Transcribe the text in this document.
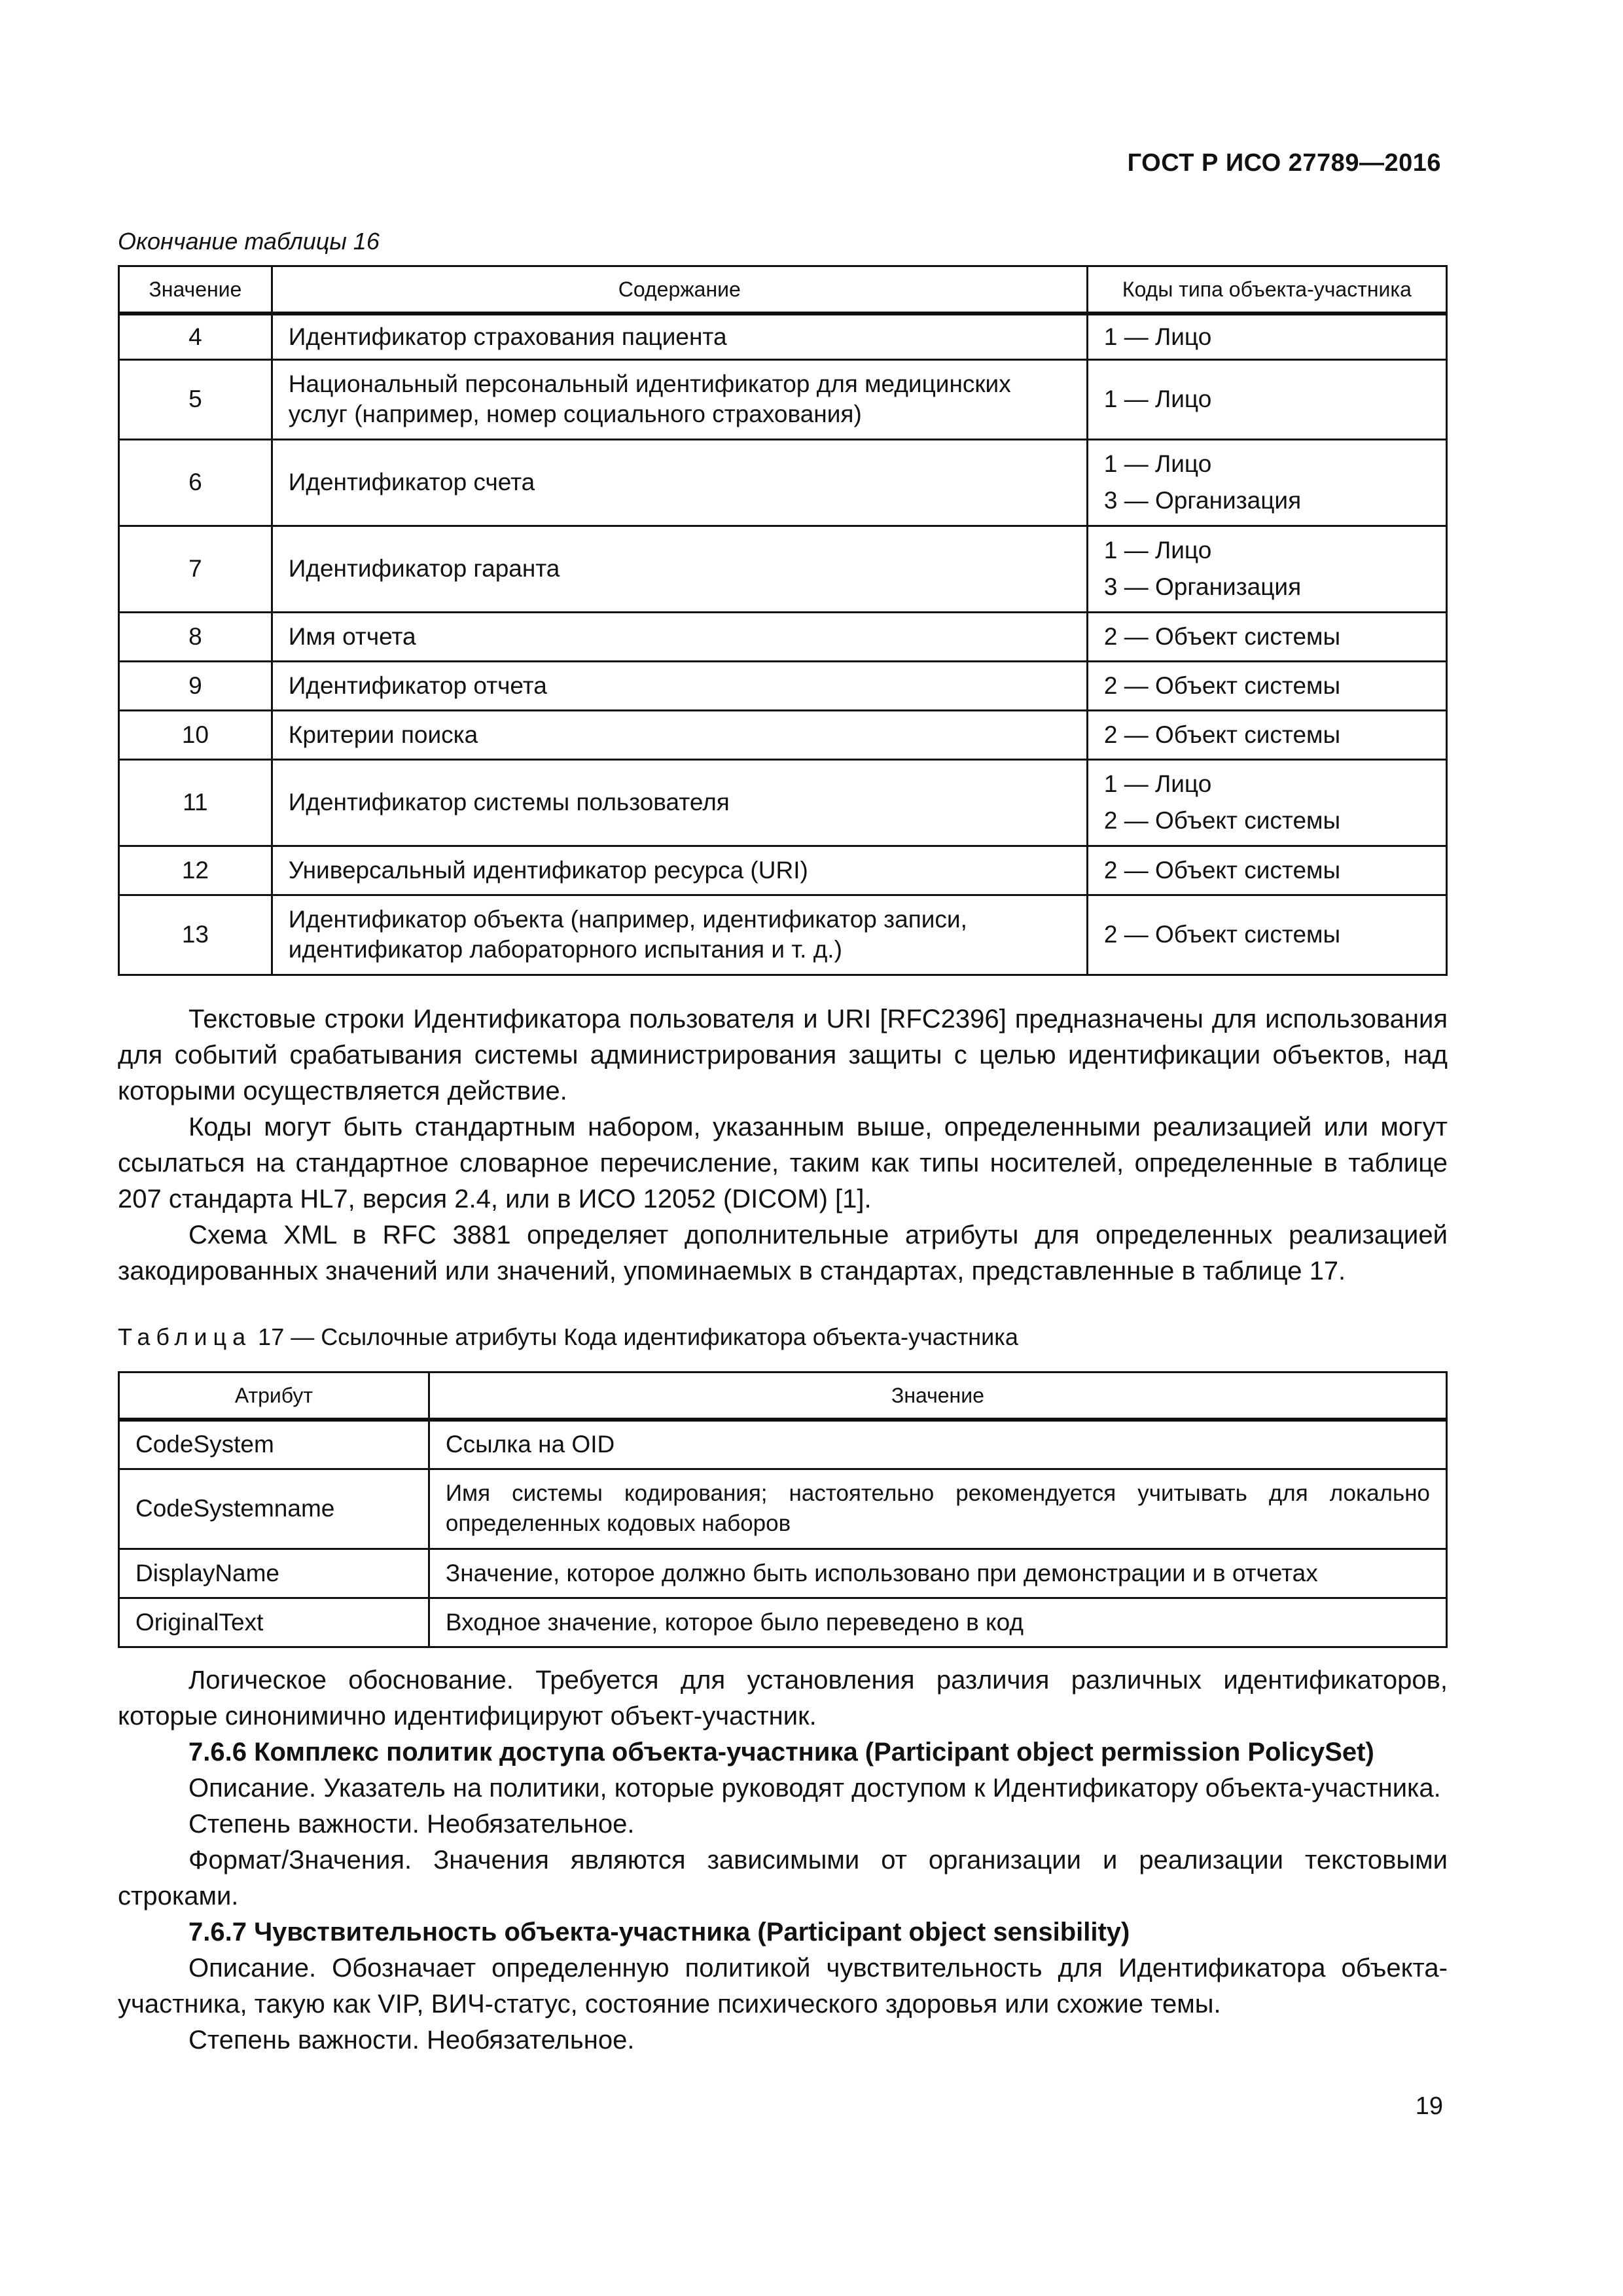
ГОСТ Р ИСО 27789—2016
Окончание таблицы 16
Значение	Содержание	Коды типа объекта-участника
4	Идентификатор страхования пациента	1 — Лицо

5	Национальный персональный идентификатор для медицинских
услуг (например, номер социального страхования)	1 — Лицо

6	Идентификатор счета	1 — Лицо
3 — Организация

7	Идентификатор гаранта	1 — Лицо
3 — Организация

8	Имя отчета	2 — Объект системы

9	Идентификатор отчета	2 — Объект системы

10	Критерии поиска	2 — Объект системы

11	Идентификатор системы пользователя	1 — Лицо
2 — Объект системы

12	Универсальный идентификатор ресурса (URI)	2 — Объект системы

13	Идентификатор объекта (например, идентификатор записи,
идентификатор лабораторного испытания и т. д.)	2 — Объект системы

Текстовые строки Идентификатора пользователя и URI [RFC2396] предназначены для использования для событий срабатывания системы администрирования защиты с целью идентификации объектов, над которыми осуществляется действие.

Коды могут быть стандартным набором, указанным выше, определенными реализацией или могут ссылаться на стандартное словарное перечисление, таким как типы носителей, определенные в таблице 207 стандарта HL7, версия 2.4, или в ИСО 12052 (DICOM) [1].

Схема XML в RFC 3881 определяет дополнительные атрибуты для определенных реализацией закодированных значений или значений, упоминаемых в стандартах, представленные в таблице 17.

Таблица 17 — Ссылочные атрибуты Кода идентификатора объекта-участника
Атрибут	Значение
CodeSystem	Ссылка на OID
CodeSystemname	Имя системы кодирования; настоятельно рекомендуется учитывать для локально определенных кодовых наборов
DisplayName	Значение, которое должно быть использовано при демонстрации и в отчетах
OriginalText	Входное значение, которое было переведено в код

Логическое обоснование. Требуется для установления различия различных идентификаторов, которые синонимично идентифицируют объект-участник.

7.6.6 Комплекс политик доступа объекта-участника (Participant object permission PolicySet)

Описание. Указатель на политики, которые руководят доступом к Идентификатору объекта-участника.

Степень важности. Необязательное.

Формат/Значения. Значения являются зависимыми от организации и реализации текстовыми строками.

7.6.7 Чувствительность объекта-участника (Participant object sensibility)

Описание. Обозначает определенную политикой чувствительность для Идентификатора объекта-участника, такую как VIP, ВИЧ-статус, состояние психического здоровья или схожие темы.

Степень важности. Необязательное.

19
